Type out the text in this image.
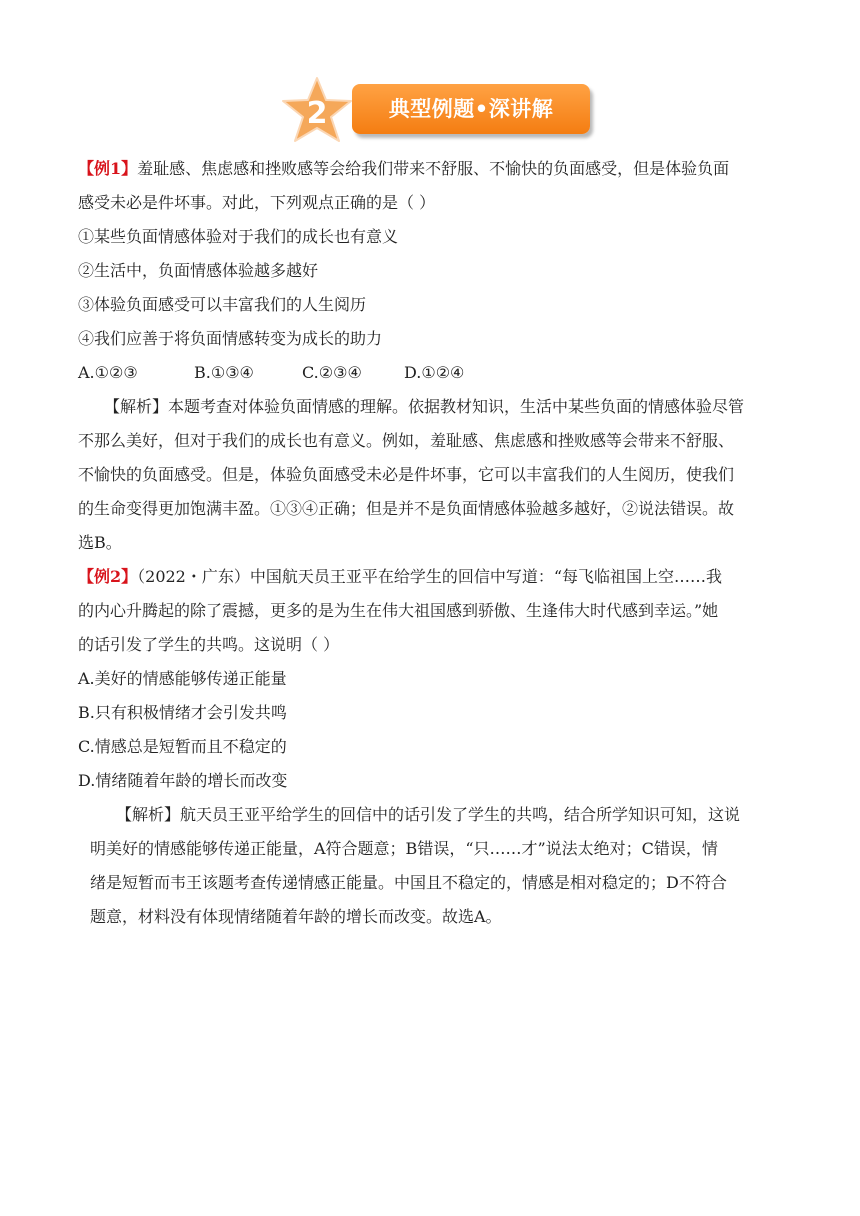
2	典型例题•深讲解
【例1】羞耻感、焦虑感和挫败感等会给我们带来不舒服、不愉快的负面感受，但是体验负面
感受未必是件坏事。对此，下列观点正确的是（ ）
①某些负面情感体验对于我们的成长也有意义
②生活中，负面情感体验越多越好
③体验负面感受可以丰富我们的人生阅历
④我们应善于将负面情感转变为成长的助力
A.①②③	B.①③④	C.②③④	D.①②④
【解析】本题考查对体验负面情感的理解。依据教材知识，生活中某些负面的情感体验尽管
不那么美好，但对于我们的成长也有意义。例如，羞耻感、焦虑感和挫败感等会带来不舒服、
不愉快的负面感受。但是，体验负面感受未必是件坏事，它可以丰富我们的人生阅历，使我们
的生命变得更加饱满丰盈。①③④正确；但是并不是负面情感体验越多越好，②说法错误。故
选B。
【例2】（2022・广东）中国航天员王亚平在给学生的回信中写道：“每飞临祖国上空……我
的内心升腾起的除了震撼，更多的是为生在伟大祖国感到骄傲、生逢伟大时代感到幸运。”她
的话引发了学生的共鸣。这说明（ ）
A.美好的情感能够传递正能量
B.只有积极情绪才会引发共鸣
C.情感总是短暂而且不稳定的
D.情绪随着年龄的增长而改变
【解析】航天员王亚平给学生的回信中的话引发了学生的共鸣，结合所学知识可知，这说
明美好的情感能够传递正能量，A符合题意；B错误，“只……才”说法太绝对；C错误，情
绪是短暂而韦王该题考查传递情感正能量。中国且不稳定的，情感是相对稳定的；D不符合
题意，材料没有体现情绪随着年龄的增长而改变。故选A。
